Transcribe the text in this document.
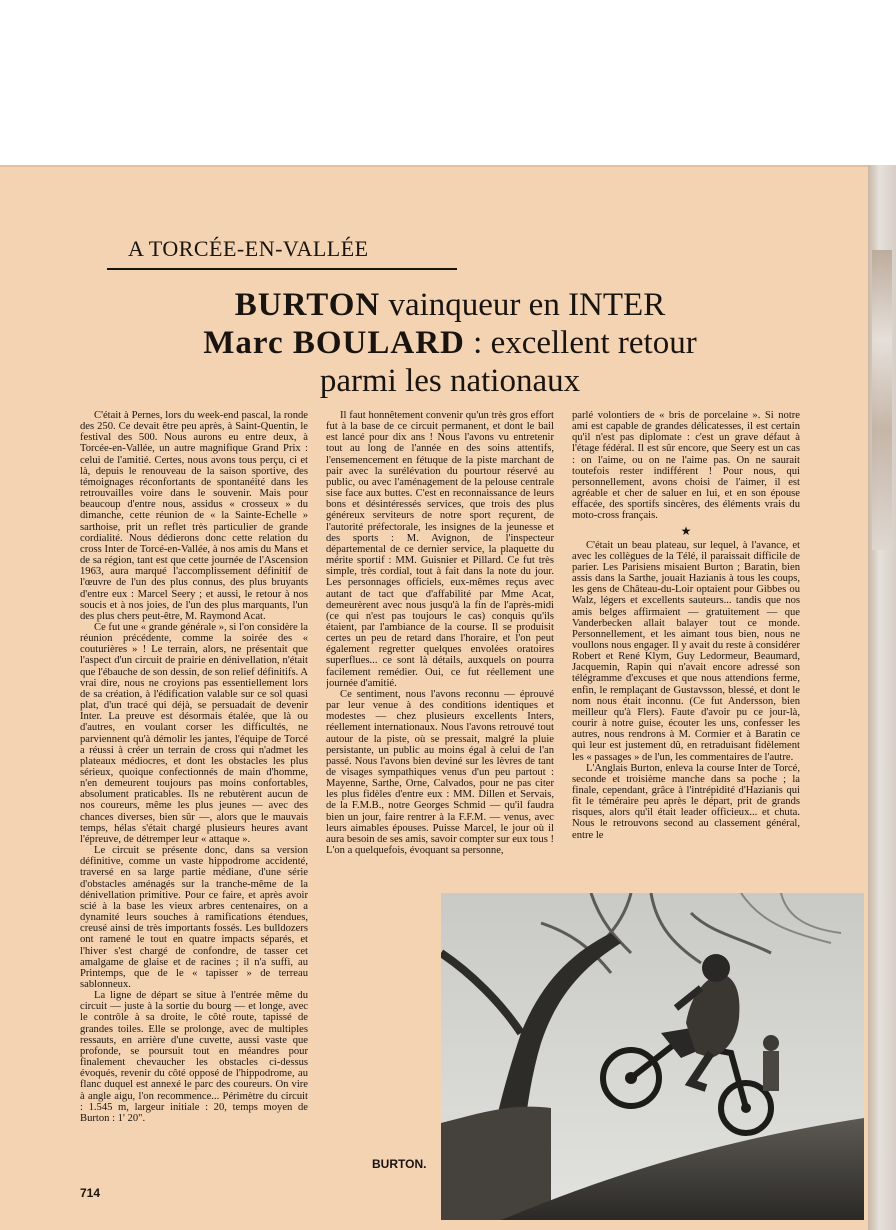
A TORCÉE-EN-VALLÉE
BURTON vainqueur en INTER
Marc BOULARD : excellent retour
parmi les nationaux

C'était à Pernes, lors du week-end pascal, la ronde des 250. Ce devait être peu après, à Saint-Quentin, le festival des 500. Nous aurons eu entre deux, à Torcée-en-Vallée, un autre magnifique Grand Prix : celui de l'amitié. Certes, nous avons tous perçu, ci et là, depuis le renouveau de la saison sportive, des témoignages réconfortants de spontanéité dans les retrouvailles voire dans le souvenir. Mais pour beaucoup d'entre nous, assidus « crosseux » du dimanche, cette réunion de « la Sainte-Echelle » sarthoise, prit un reflet très particulier de grande cordialité. Nous dédierons donc cette relation du cross Inter de Torcé-en-Vallée, à nos amis du Mans et de sa région, tant est que cette journée de l'Ascension 1963, aura marqué l'accomplissement définitif de l'œuvre de l'un des plus connus, des plus bruyants d'entre eux : Marcel Seery ; et aussi, le retour à nos soucis et à nos joies, de l'un des plus marquants, l'un des plus chers peut-être, M. Raymond Acat.

Ce fut une « grande générale », si l'on considère la réunion précédente, comme la soirée des « couturières » ! Le terrain, alors, ne présentait que l'aspect d'un circuit de prairie en dénivellation, n'était que l'ébauche de son dessin, de son relief définitifs. A vrai dire, nous ne croyions pas essentiellement lors de sa création, à l'édification valable sur ce sol quasi plat, d'un tracé qui déjà, se persuadait de devenir Inter. La preuve est désormais étalée, que là ou d'autres, en voulant corser les difficultés, ne parviennent qu'à démolir les jantes, l'équipe de Torcé a réussi à créer un terrain de cross qui n'admet les plateaux médiocres, et dont les obstacles les plus sérieux, quoique confectionnés de main d'homme, n'en demeurent toujours pas moins confortables, absolument praticables. Ils ne rebutèrent aucun de nos coureurs, même les plus jeunes — avec des chances diverses, bien sûr —, alors que le mauvais temps, hélas s'était chargé plusieurs heures avant l'épreuve, de détremper leur « attaque ».

Le circuit se présente donc, dans sa version définitive, comme un vaste hippodrome accidenté, traversé en sa large partie médiane, d'une série d'obstacles aménagés sur la tranche-même de la dénivellation primitive. Pour ce faire, et après avoir scié à la base les vieux arbres centenaires, on a dynamité leurs souches à ramifications étendues, creusé ainsi de très importants fossés. Les bulldozers ont ramené le tout en quatre impacts séparés, et l'hiver s'est chargé de confondre, de tasser cet amalgame de glaise et de racines ; il n'a suffi, au Printemps, que de le « tapisser » de terreau sablonneux.

La ligne de départ se situe à l'entrée même du circuit — juste à la sortie du bourg — et longe, avec le contrôle à sa droite, le côté route, tapissé de grandes toiles. Elle se prolonge, avec de multiples ressauts, en arrière d'une cuvette, aussi vaste que profonde, se poursuit tout en méandres pour finalement chevaucher les obstacles ci-dessus évoqués, revenir du côté opposé de l'hippodrome, au flanc duquel est annexé le parc des coureurs. On vire à angle aigu, l'on recommence... Périmètre du circuit : 1.545 m, largeur initiale : 20, temps moyen de Burton : 1' 20".

Il faut honnêtement convenir qu'un très gros effort fut à la base de ce circuit permanent, et dont le bail est lancé pour dix ans ! Nous l'avons vu entretenir tout au long de l'année en des soins attentifs, l'ensemencement en fétuque de la piste marchant de pair avec la surélévation du pourtour réservé au public, ou avec l'aménagement de la pelouse centrale sise face aux buttes. C'est en reconnaissance de leurs bons et désintéressés services, que trois des plus généreux serviteurs de notre sport reçurent, de l'autorité préfectorale, les insignes de la jeunesse et des sports : M. Avignon, de l'inspecteur départemental de ce dernier service, la plaquette du mérite sportif : MM. Guisnier et Pillard. Ce fut très simple, très cordial, tout à fait dans la note du jour. Les personnages officiels, eux-mêmes reçus avec autant de tact que d'affabilité par Mme Acat, demeurèrent avec nous jusqu'à la fin de l'après-midi (ce qui n'est pas toujours le cas) conquis qu'ils étaient, par l'ambiance de la course. Il se produisit certes un peu de retard dans l'horaire, et l'on peut également regretter quelques envolées oratoires superflues... ce sont là détails, auxquels on pourra facilement remédier. Oui, ce fut réellement une journée d'amitié.

Ce sentiment, nous l'avons reconnu — éprouvé par leur venue à des conditions identiques et modestes — chez plusieurs excellents Inters, réellement internationaux. Nous l'avons retrouvé tout autour de la piste, où se pressait, malgré la pluie persistante, un public au moins égal à celui de l'an passé. Nous l'avons bien deviné sur les lèvres de tant de visages sympathiques venus d'un peu partout : Mayenne, Sarthe, Orne, Calvados, pour ne pas citer les plus fidèles d'entre eux : MM. Dillen et Servais, de la F.M.B., notre Georges Schmid — qu'il faudra bien un jour, faire rentrer à la F.F.M. — venus, avec leurs aimables épouses. Puisse Marcel, le jour où il aura besoin de ses amis, savoir compter sur eux tous ! L'on a quelquefois, évoquant sa personne,

parlé volontiers de « bris de porcelaine ». Si notre ami est capable de grandes délicatesses, il est certain qu'il n'est pas diplomate : c'est un grave défaut à l'étage fédéral. Il est sûr encore, que Seery est un cas : on l'aime, ou on ne l'aime pas. On ne saurait toutefois rester indifférent ! Pour nous, qui personnellement, avons choisi de l'aimer, il est agréable et cher de saluer en lui, et en son épouse effacée, des sportifs sincères, des éléments vrais du moto-cross français.

★

C'était un beau plateau, sur lequel, à l'avance, et avec les collègues de la Télé, il paraissait difficile de parier. Les Parisiens misaient Burton ; Baratin, bien assis dans la Sarthe, jouait Hazianis à tous les coups, les gens de Château-du-Loir optaient pour Gibbes ou Walz, légers et excellents sauteurs... tandis que nos amis belges affirmaient — gratuitement — que Vanderbecken allait balayer tout ce monde. Personnellement, et les aimant tous bien, nous ne voullons nous engager. Il y avait du reste à considérer Robert et René Klym, Guy Ledormeur, Beaumard, Jacquemin, Rapin qui n'avait encore adressé son télégramme d'excuses et que nous attendions ferme, enfin, le remplaçant de Gustavsson, blessé, et dont le nom nous était inconnu. (Ce fut Andersson, bien meilleur qu'à Flers). Faute d'avoir pu ce jour-là, courir à notre guise, écouter les uns, confesser les autres, nous rendrons à M. Cormier et à Baratin ce qui leur est justement dû, en retraduisant fidèlement les « passages » de l'un, les commentaires de l'autre.

L'Anglais Burton, enleva la course Inter de Torcé, seconde et troisième manche dans sa poche ; la finale, cependant, grâce à l'intrépidité d'Hazianis qui fit le téméraire peu après le départ, prit de grands risques, alors qu'il était leader officieux... et chuta. Nous le retrouvons second au classement général, entre le

BURTON.
714
